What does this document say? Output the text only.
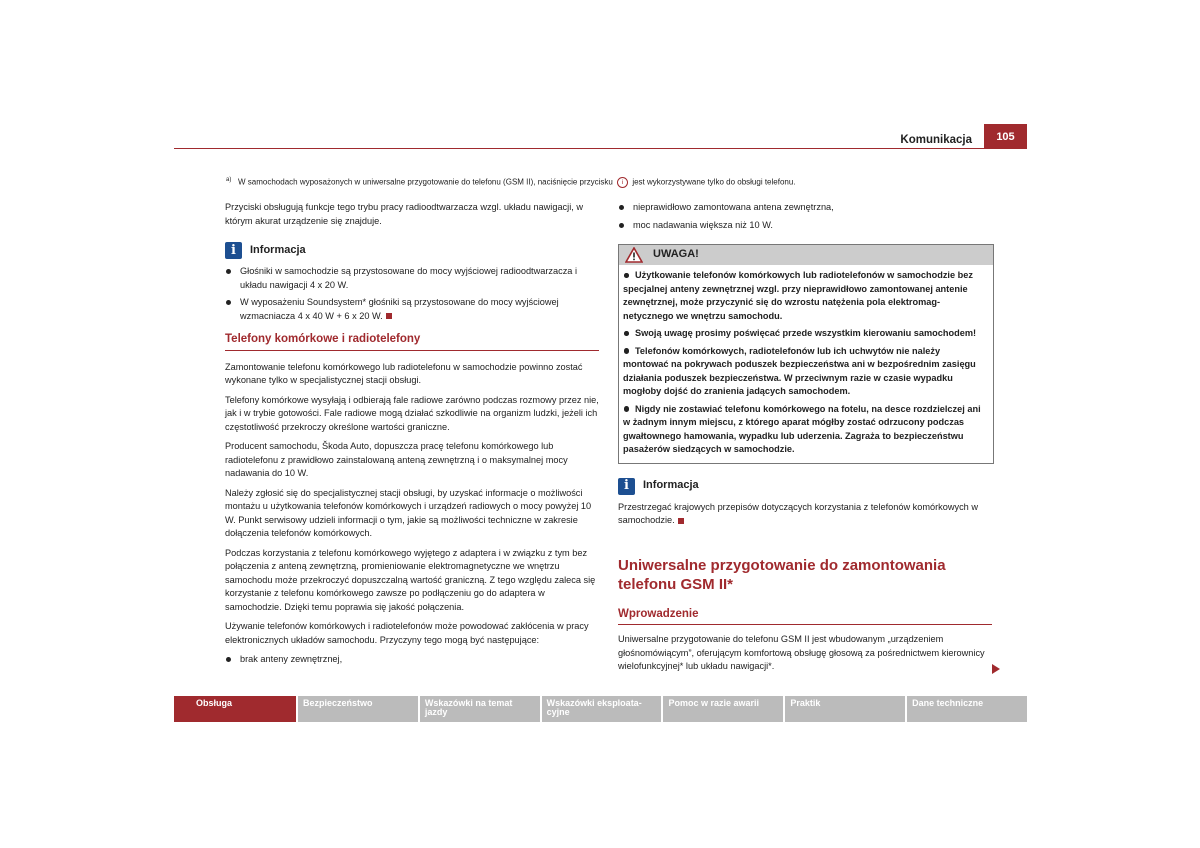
Komunikacja	105
$^{a)}$ W samochodach wyposażonych w uniwersalne przygotowanie do telefonu (GSM II), naciśnięcie przycisku i jest wykorzystywane tylko do obsługi telefonu.

Przyciski obsługują funkcje tego trybu pracy radioodtwarzacza wzgl. układu nawigacji, w którym akurat urządzenie się znajduje.

i	Informacja
Głośniki w samochodzie są przystosowane do mocy wyjściowej radioodtwarzacza i układu nawigacji 4 x 20 W.
W wyposażeniu Soundsystem* głośniki są przystosowane do mocy wyjściowej wzmacniacza 4 x 40 W + 6 x 20 W.
Telefony komórkowe i radiotelefony

Zamontowanie telefonu komórkowego lub radiotelefonu w samochodzie powinno zostać wykonane tylko w specjalistycznej stacji obsługi.

Telefony komórkowe wysyłają i odbierają fale radiowe zarówno podczas rozmowy przez nie, jak i w trybie gotowości. Fale radiowe mogą działać szkodliwie na organizm ludzki, jeżeli ich częstotliwość przekroczy określone wartości graniczne.

Producent samochodu, Škoda Auto, dopuszcza pracę telefonu komórkowego lub radiotelefonu z prawidłowo zainstalowaną anteną zewnętrzną i o maksymalnej mocy nadawania do 10 W.

Należy zgłosić się do specjalistycznej stacji obsługi, by uzyskać informacje o możliwości montażu u użytkowania telefonów komórkowych i urządzeń radiowych o mocy powyżej 10 W. Punkt serwisowy udzieli informacji o tym, jakie są możliwości techniczne w zakresie dołączenia telefonów komórkowych.

Podczas korzystania z telefonu komórkowego wyjętego z adaptera i w związku z tym bez połączenia z anteną zewnętrzną, promieniowanie elektromagnetyczne we wnętrzu samochodu może przekroczyć dopuszczalną wartość graniczną. Z tego względu zaleca się korzystanie z telefonu komórkowego zawsze po podłączeniu go do adaptera w samochodzie. Dzięki temu poprawia się jakość połączenia.

Używanie telefonów komórkowych i radiotelefonów może powodować zakłócenia w pracy elektronicznych układów samochodu. Przyczyny tego mogą być następujące:

brak anteny zewnętrznej,
nieprawidłowo zamontowana antena zewnętrzna,
moc nadawania większa niż 10 W.
UWAGA!
Użytkowanie telefonów komórkowych lub radiotelefonów w samochodzie bez specjalnej anteny zewnętrznej wzgl. przy nieprawidłowo zamontowanej antenie zewnętrznej, może przyczynić się do wzrostu natężenia pola elektromagnetycznego we wnętrzu samochodu.
Swoją uwagę prosimy poświęcać przede wszystkim kierowaniu samochodem!
Telefonów komórkowych, radiotelefonów lub ich uchwytów nie należy montować na pokrywach poduszek bezpieczeństwa ani w bezpośrednim zasięgu działania poduszek bezpieczeństwa. W przeciwnym razie w czasie wypadku mogłoby dojść do zranienia jadących samochodem.
Nigdy nie zostawiać telefonu komórkowego na fotelu, na desce rozdzielczej ani w żadnym innym miejscu, z którego aparat mógłby zostać odrzucony podczas gwałtownego hamowania, wypadku lub uderzenia. Zagraża to bezpieczeństwu pasażerów siedzących w samochodzie.
i	Informacja

Przestrzegać krajowych przepisów dotyczących korzystania z telefonów komórkowych w samochodzie.

Uniwersalne przygotowanie do zamontowania telefonu GSM II*

Wprowadzenie

Uniwersalne przygotowanie do telefonu GSM II jest wbudowanym „urządzeniem głośnomówiącym”, oferującym komfortową obsługę głosową za pośrednictwem kierownicy wielofunkcyjnej* lub układu nawigacji*.

Obsługa	Bezpieczeństwo	Wskazówki na temat jazdy
Wskazówki eksploatacyjne
Pomoc w razie awarii	Praktik	Dane techniczne
